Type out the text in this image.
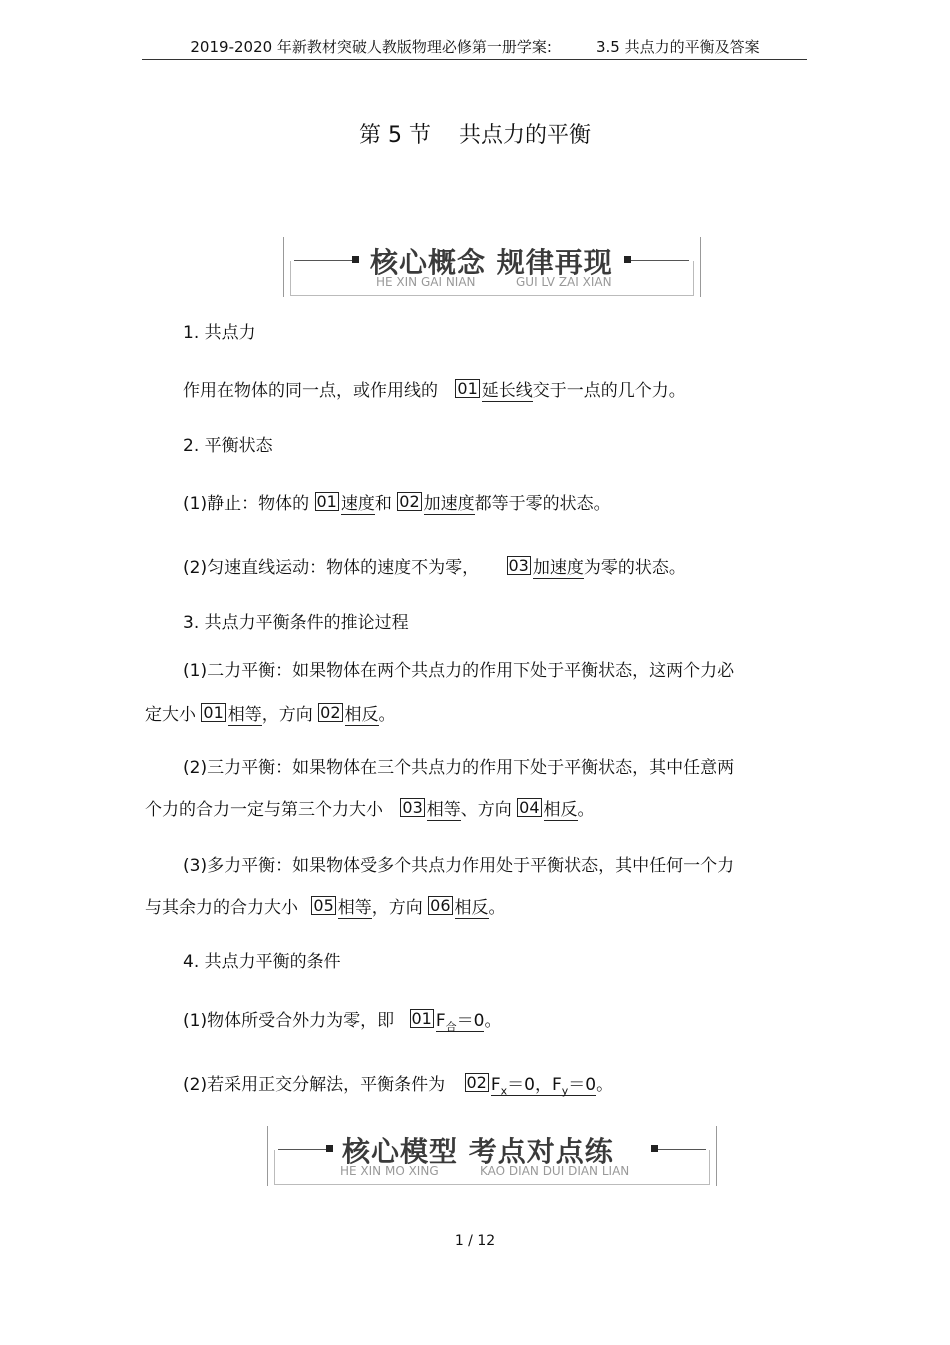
2019-2020 年新教材突破人教版物理必修第一册学案:	3.5 共点力的平衡及答案
第 5 节 共点力的平衡
核心概念 规律再现
HE XIN GAI NIAN	GUI LV ZAI XIAN
1. 共点力
作用在物体的同一点，或作用线的 01 延长线交于一点的几个力。
2. 平衡状态
(1)静止：物体的 01 速度和 02 加速度都等于零的状态。
(2)匀速直线运动：物体的速度不为零， 03 加速度为零的状态。
3. 共点力平衡条件的推论过程
(1)二力平衡：如果物体在两个共点力的作用下处于平衡状态，这两个力必
定大小 01 相等，方向 02 相反。
(2)三力平衡：如果物体在三个共点力的作用下处于平衡状态，其中任意两
个力的合力一定与第三个力大小 03 相等、方向 04 相反。
(3)多力平衡：如果物体受多个共点力作用处于平衡状态，其中任何一个力
与其余力的合力大小 05 相等，方向 06 相反。
4. 共点力平衡的条件
(1)物体所受合外力为零，即 01 $F_合=0$。
(2)若采用正交分解法，平衡条件为 02 $F_x=0$，$F_y=0$。
核心模型 考点对点练
HE XIN MO XING	KAO DIAN DUI DIAN LIAN
1 / 12
